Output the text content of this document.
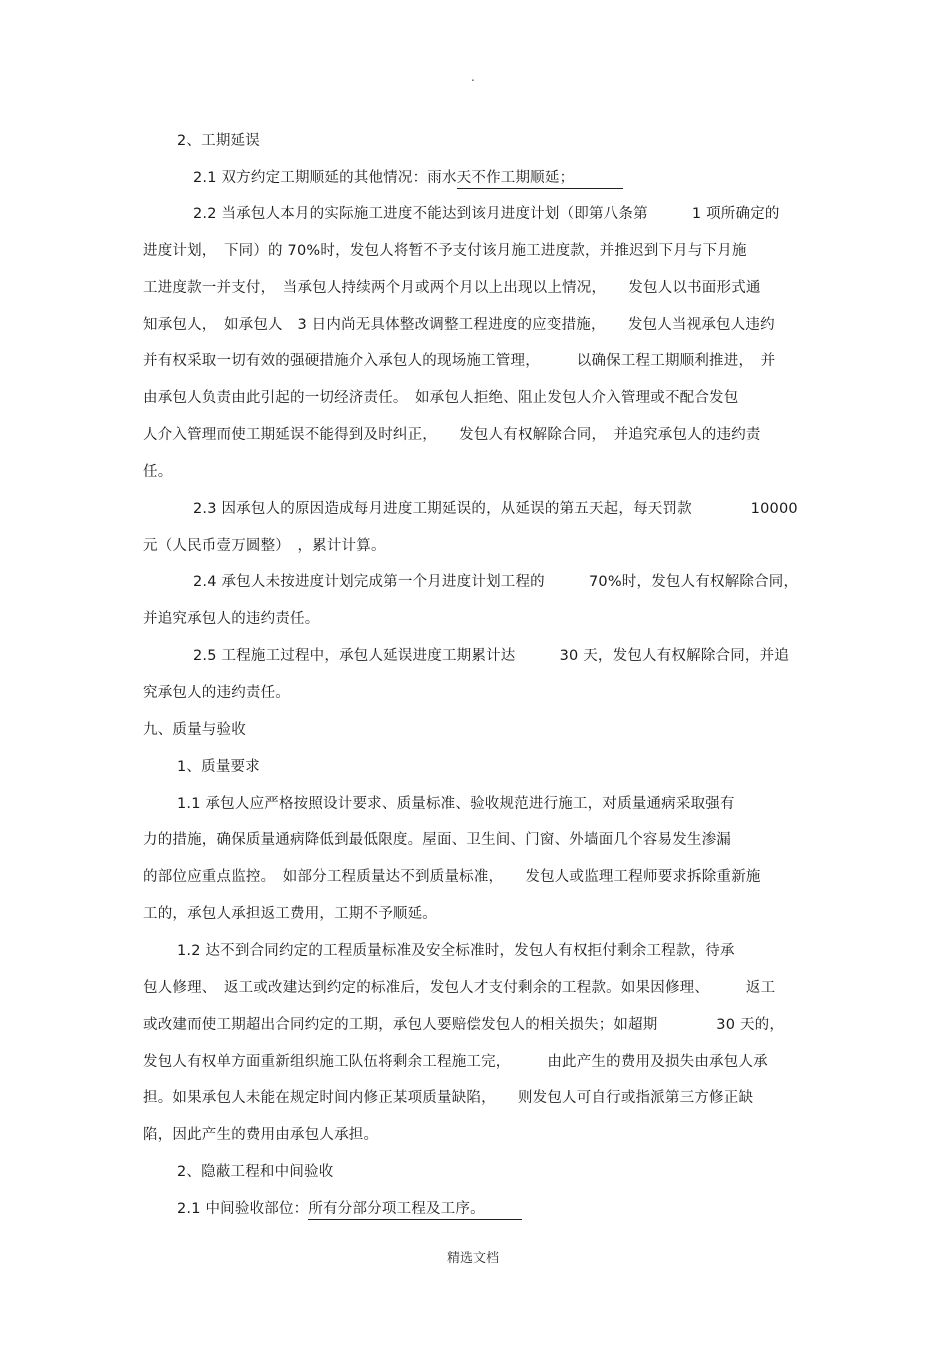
.
2、工期延误
2.1 双方约定工期顺延的其他情况：雨水天不作工期顺延；
2.2 当承包人本月的实际施工进度不能达到该月进度计划（即第八条第　　　1 项所确定的
进度计划，　下同）的 70%时，发包人将暂不予支付该月施工进度款，并推迟到下月与下月施
工进度款一并支付，　当承包人持续两个月或两个月以上出现以上情况，　　发包人以书面形式通
知承包人，　如承包人　3 日内尚无具体整改调整工程进度的应变措施，　　发包人当视承包人违约
并有权采取一切有效的强硬措施介入承包人的现场施工管理，　　　以确保工程工期顺利推进，　并
由承包人负责由此引起的一切经济责任。　如承包人拒绝、阻止发包人介入管理或不配合发包
人介入管理而使工期延误不能得到及时纠正，　　发包人有权解除合同，　并追究承包人的违约责
任。
2.3 因承包人的原因造成每月进度工期延误的，从延误的第五天起，每天罚款　　　　10000
元（人民币壹万圆整）　，累计计算。
2.4 承包人未按进度计划完成第一个月进度计划工程的　　　70%时，发包人有权解除合同，
并追究承包人的违约责任。
2.5 工程施工过程中，承包人延误进度工期累计达　　　30 天，发包人有权解除合同，并追
究承包人的违约责任。
九、质量与验收
1、质量要求
1.1 承包人应严格按照设计要求、质量标准、验收规范进行施工，对质量通病采取强有
力的措施，确保质量通病降低到最低限度。屋面、卫生间、门窗、外墙面几个容易发生渗漏
的部位应重点监控。　如部分工程质量达不到质量标准，　　发包人或监理工程师要求拆除重新施
工的，承包人承担返工费用，工期不予顺延。
1.2 达不到合同约定的工程质量标准及安全标准时，发包人有权拒付剩余工程款，待承
包人修理、　返工或改建达到约定的标准后，发包人才支付剩余的工程款。如果因修理、　　　返工
或改建而使工期超出合同约定的工期，承包人要赔偿发包人的相关损失；如超期　　　　30 天的，
发包人有权单方面重新组织施工队伍将剩余工程施工完，　　　由此产生的费用及损失由承包人承
担。如果承包人未能在规定时间内修正某项质量缺陷，　　则发包人可自行或指派第三方修正缺
陷，因此产生的费用由承包人承担。
2、隐蔽工程和中间验收
2.1 中间验收部位：所有分部分项工程及工序。
精选文档
